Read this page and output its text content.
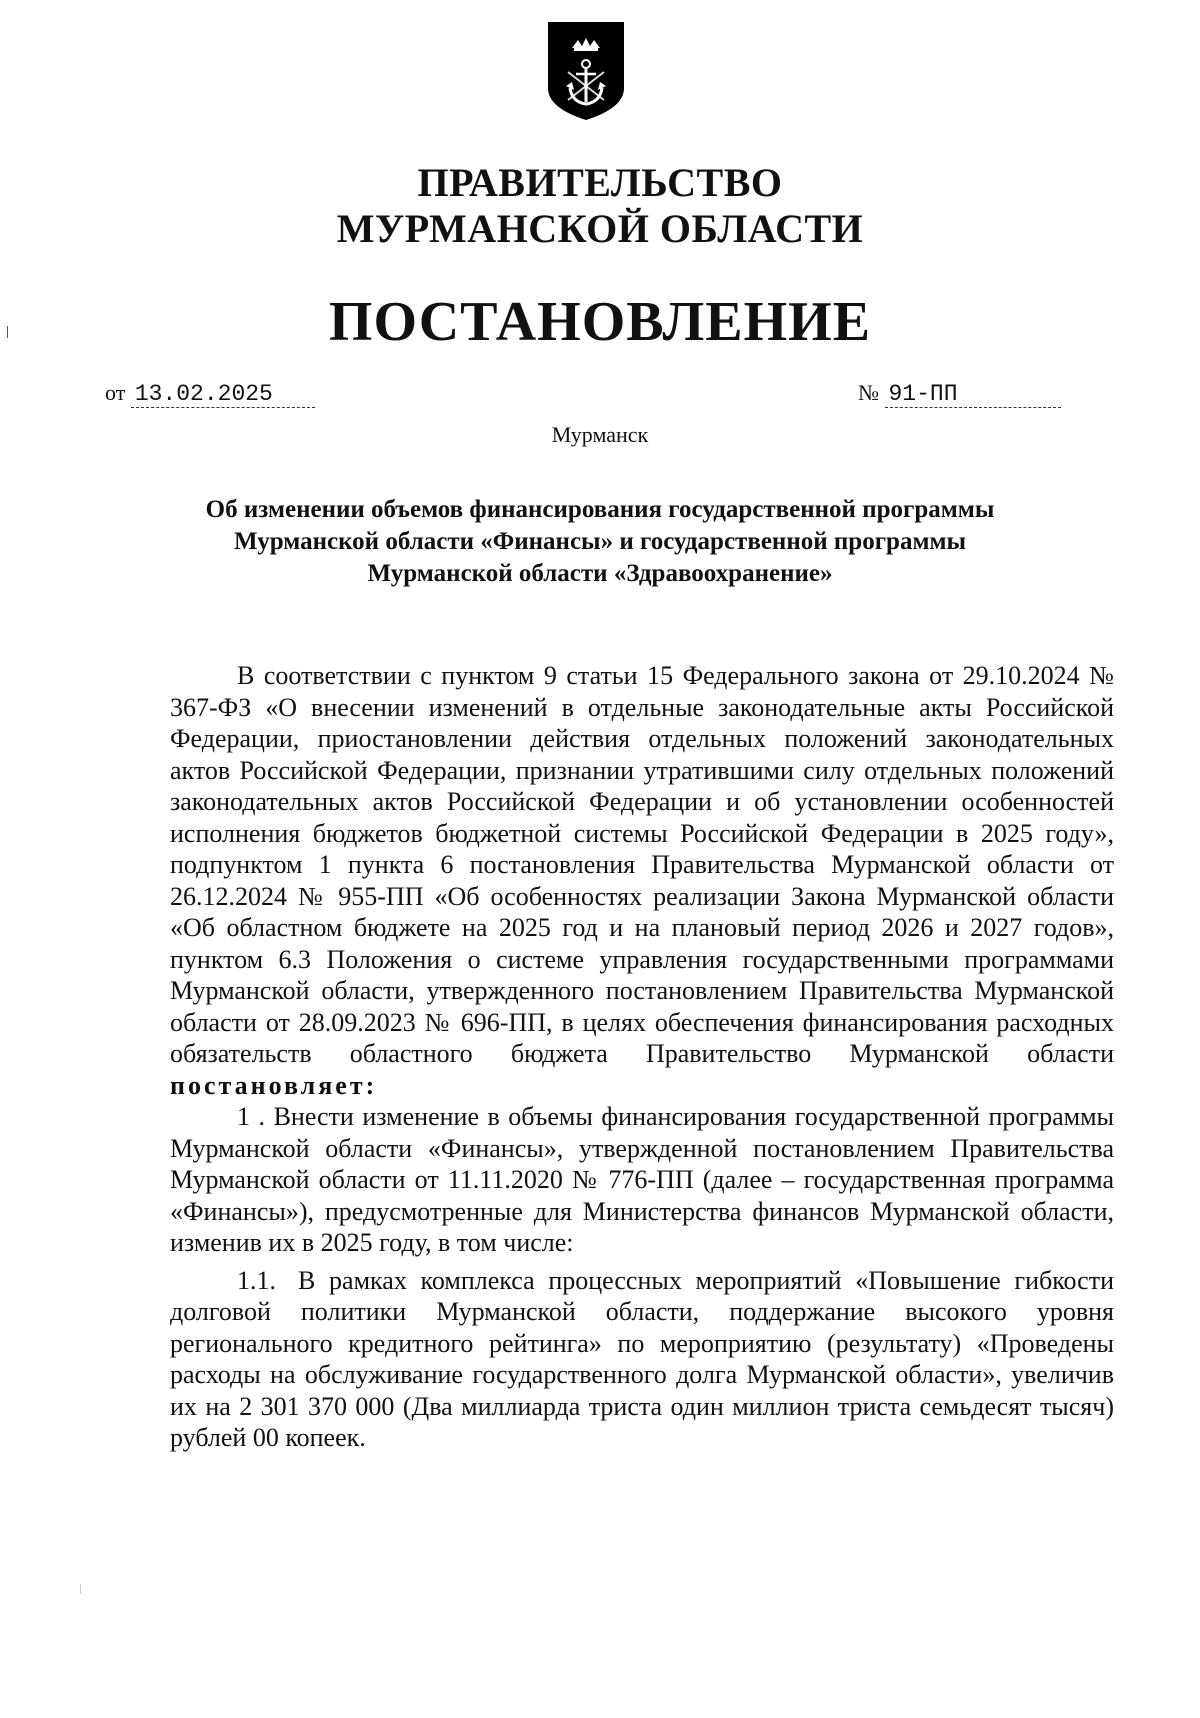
ПРАВИТЕЛЬСТВО
МУРМАНСКОЙ ОБЛАСТИ
ПОСТАНОВЛЕНИЕ
от 13.02.2025	№ 91-ПП
Мурманск
Об изменении объемов финансирования государственной программы
Мурманской области «Финансы» и государственной программы
Мурманской области «Здравоохранение»

В соответствии с пунктом 9 статьи 15 Федерального закона от 29.10.2024 № 367-ФЗ «О внесении изменений в отдельные законодательные акты Российской Федерации, приостановлении действия отдельных положений законодательных актов Российской Федерации, признании утратившими силу отдельных положений законодательных актов Российской Федерации и об установлении особенностей исполнения бюджетов бюджетной системы Российской Федерации в 2025 году», подпунктом 1 пункта 6 постановления Правительства Мурманской области от 26.12.2024 № 955-ПП «Об особенностях реализации Закона Мурманской области «Об областном бюджете на 2025 год и на плановый период 2026 и 2027 годов», пунктом 6.3 Положения о системе управления государственными программами Мурманской области, утвержденного постановлением Правительства Мурманской области от 28.09.2023 № 696-ПП, в целях обеспечения финансирования расходных обязательств областного бюджета Правительство Мурманской области постановляет:

1 . Внести изменение в объемы финансирования государственной программы Мурманской области «Финансы», утвержденной постановлением Правительства Мурманской области от 11.11.2020 № 776-ПП (далее – государственная программа «Финансы»), предусмотренные для Министерства финансов Мурманской области, изменив их в 2025 году, в том числе:

1.1. В рамках комплекса процессных мероприятий «Повышение гибкости долговой политики Мурманской области, поддержание высокого уровня регионального кредитного рейтинга» по мероприятию (результату) «Проведены расходы на обслуживание государственного долга Мурманской области», увеличив их на 2 301 370 000 (Два миллиарда триста один миллион триста семьдесят тысяч) рублей 00 копеек.
